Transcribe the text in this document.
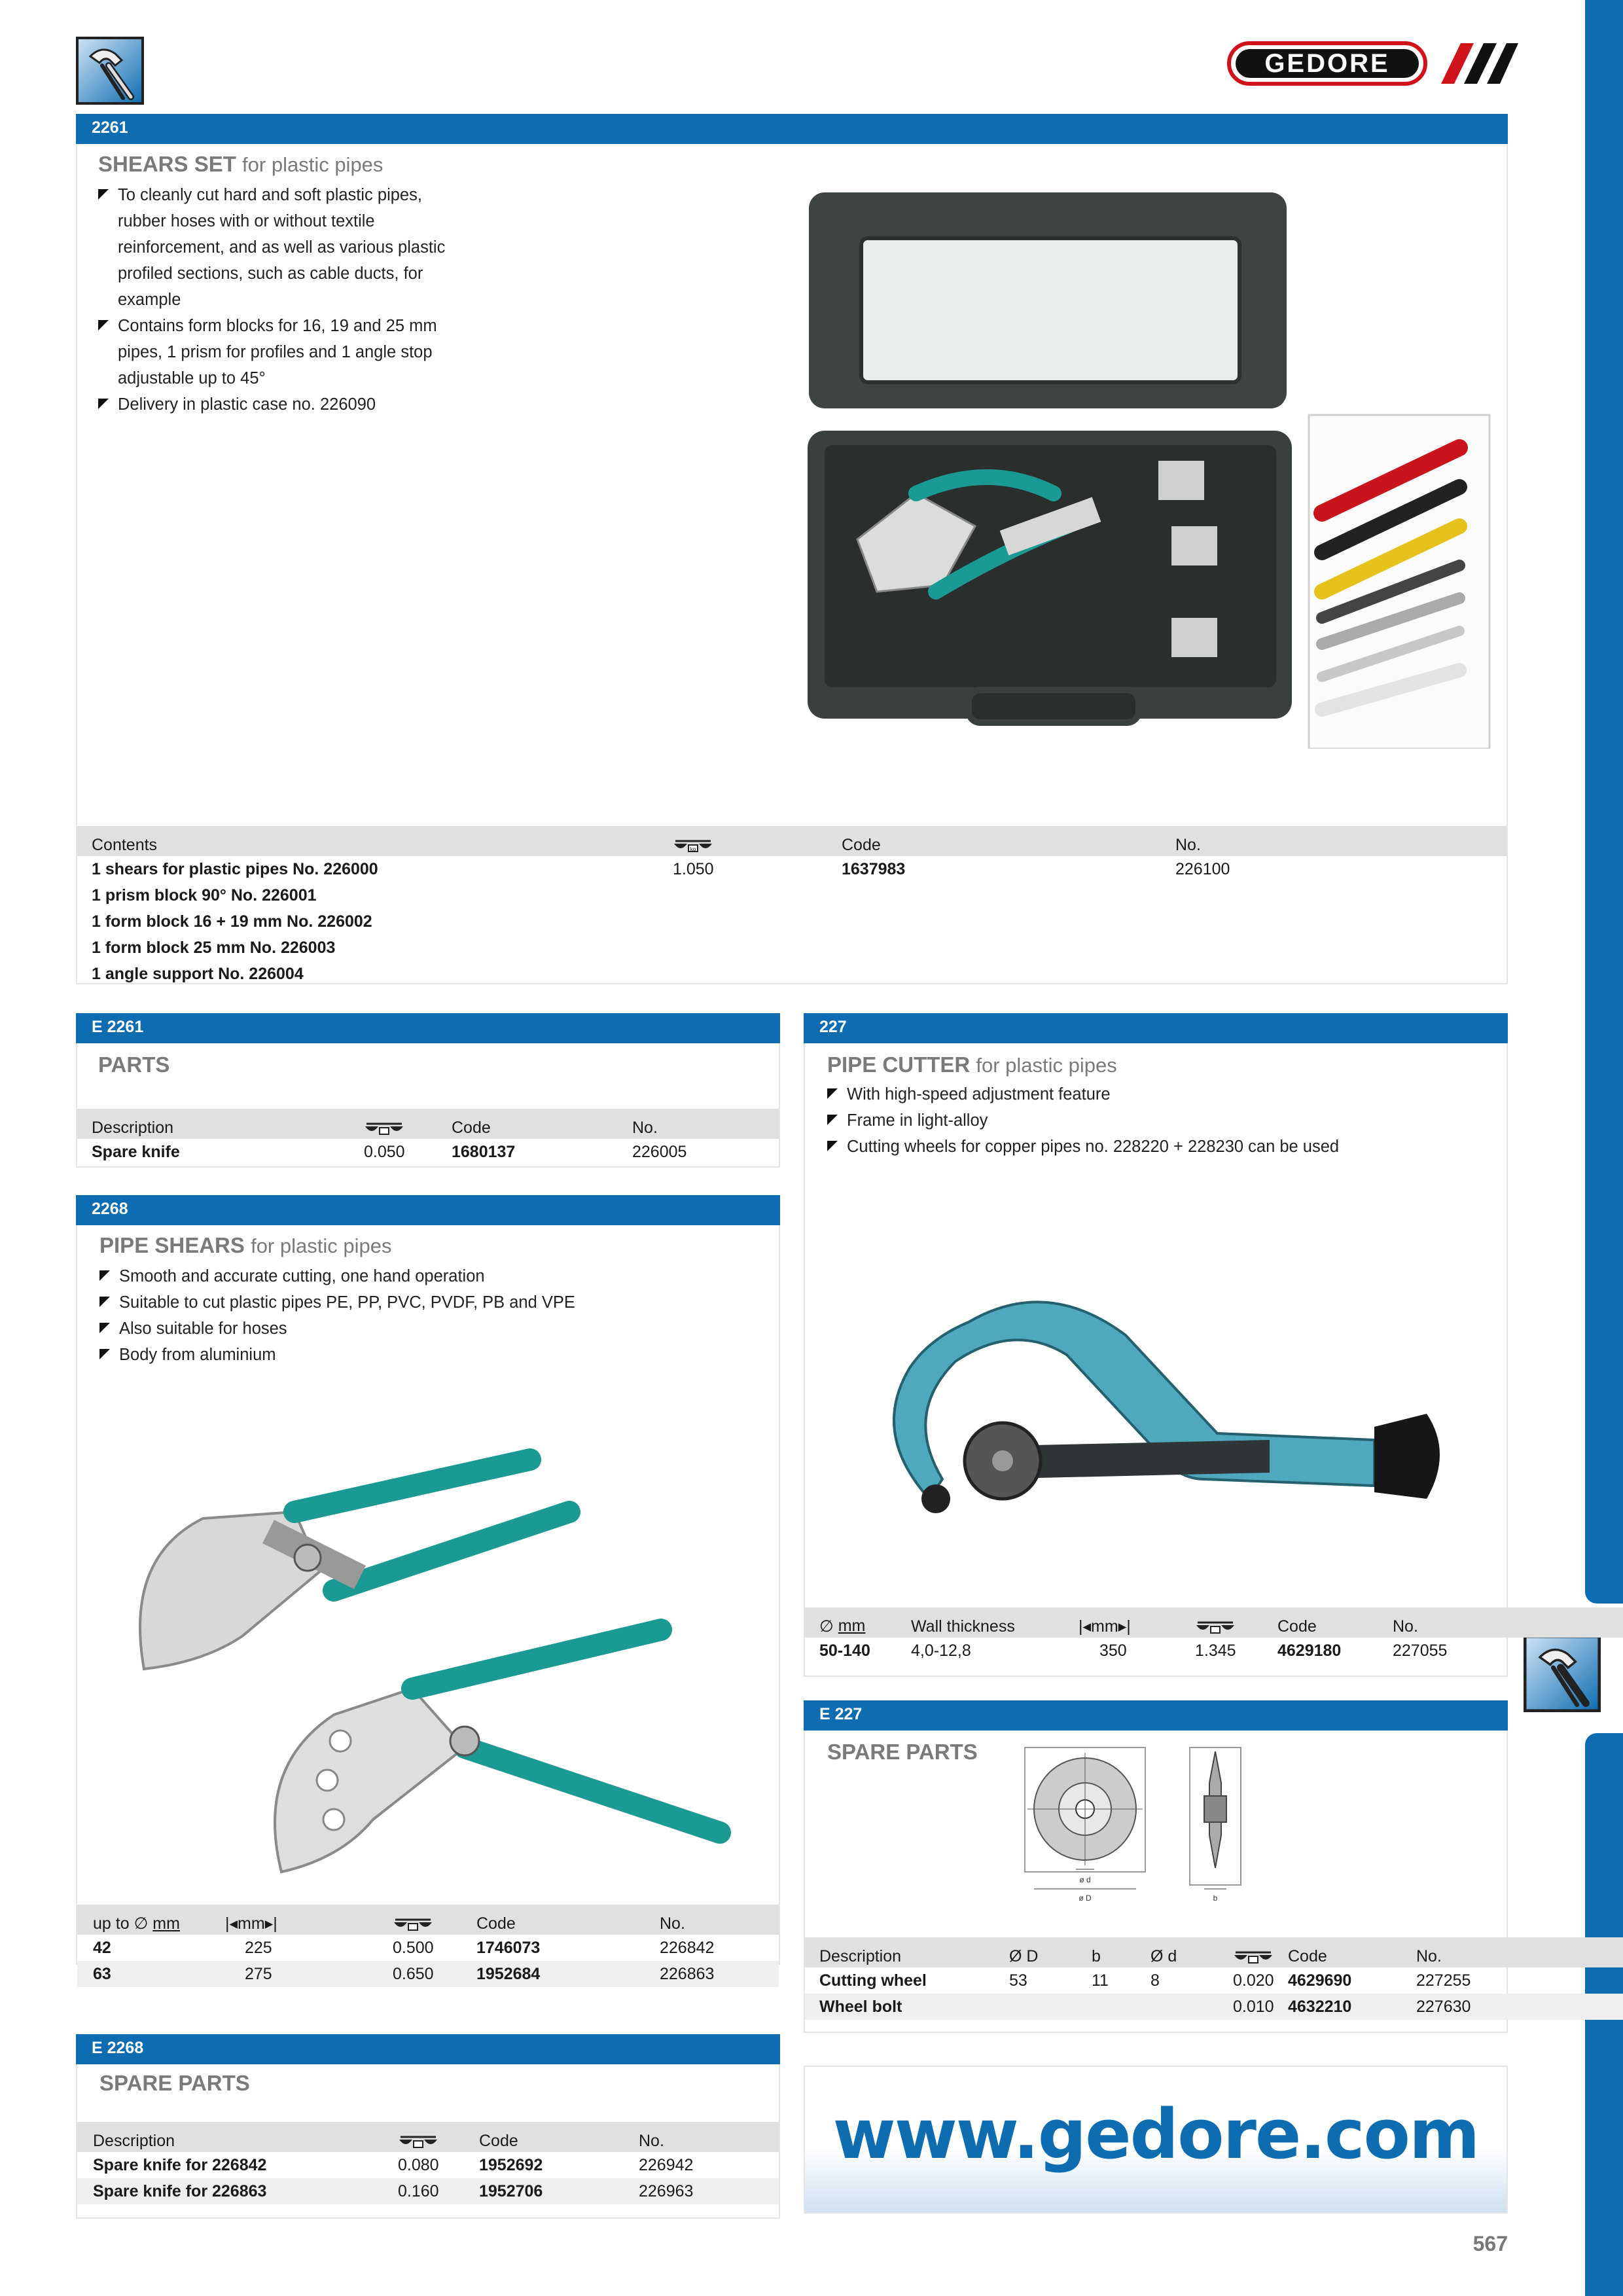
GEDORE
2261
SHEARS SET for plastic pipes
To cleanly cut hard and soft plastic pipes, rubber hoses with or without textile reinforcement, and as well as various plastic profiled sections, such as cable ducts, for example
Contains form blocks for 16, 19 and 25 mm pipes, 1 prism for profiles and 1 angle stop adjustable up to 45°
Delivery in plastic case no. 226090
Contents	kg	Code	No.
1 shears for plastic pipes No. 226000	1.050	1637983	226100
1 prism block 90° No. 226001			
1 form block 16 + 19 mm No. 226002			
1 form block 25 mm No. 226003			
1 angle support No. 226004			
E 2261
PARTS
Description		Code	No.
Spare knife	0.050	1680137	226005
227
PIPE CUTTER for plastic pipes
With high-speed adjustment feature
Frame in light-alloy
Cutting wheels for copper pipes no. 228220 + 228230 can be used
∅ mm	Wall thickness	|◂mm▸|		Code	No.
50-140	4,0-12,8	350	1.345	4629180	227055
2268
PIPE SHEARS for plastic pipes
Smooth and accurate cutting, one hand operation
Suitable to cut plastic pipes PE, PP, PVC, PVDF, PB and VPE
Also suitable for hoses
Body from aluminium
up to ∅ mm	|◂mm▸|		Code	No.
42	225	0.500	1746073	226842
63	275	0.650	1952684	226863
E 227
SPARE PARTS
ø d
ø D	b
Description	Ø D	b	Ø d		Code	No.
Cutting wheel	53	11	8	0.020	4629690	227255
Wheel bolt				0.010	4632210	227630
E 2268
SPARE PARTS
Description		Code	No.
Spare knife for 226842	0.080	1952692	226942
Spare knife for 226863	0.160	1952706	226963
www.gedore.com
567
